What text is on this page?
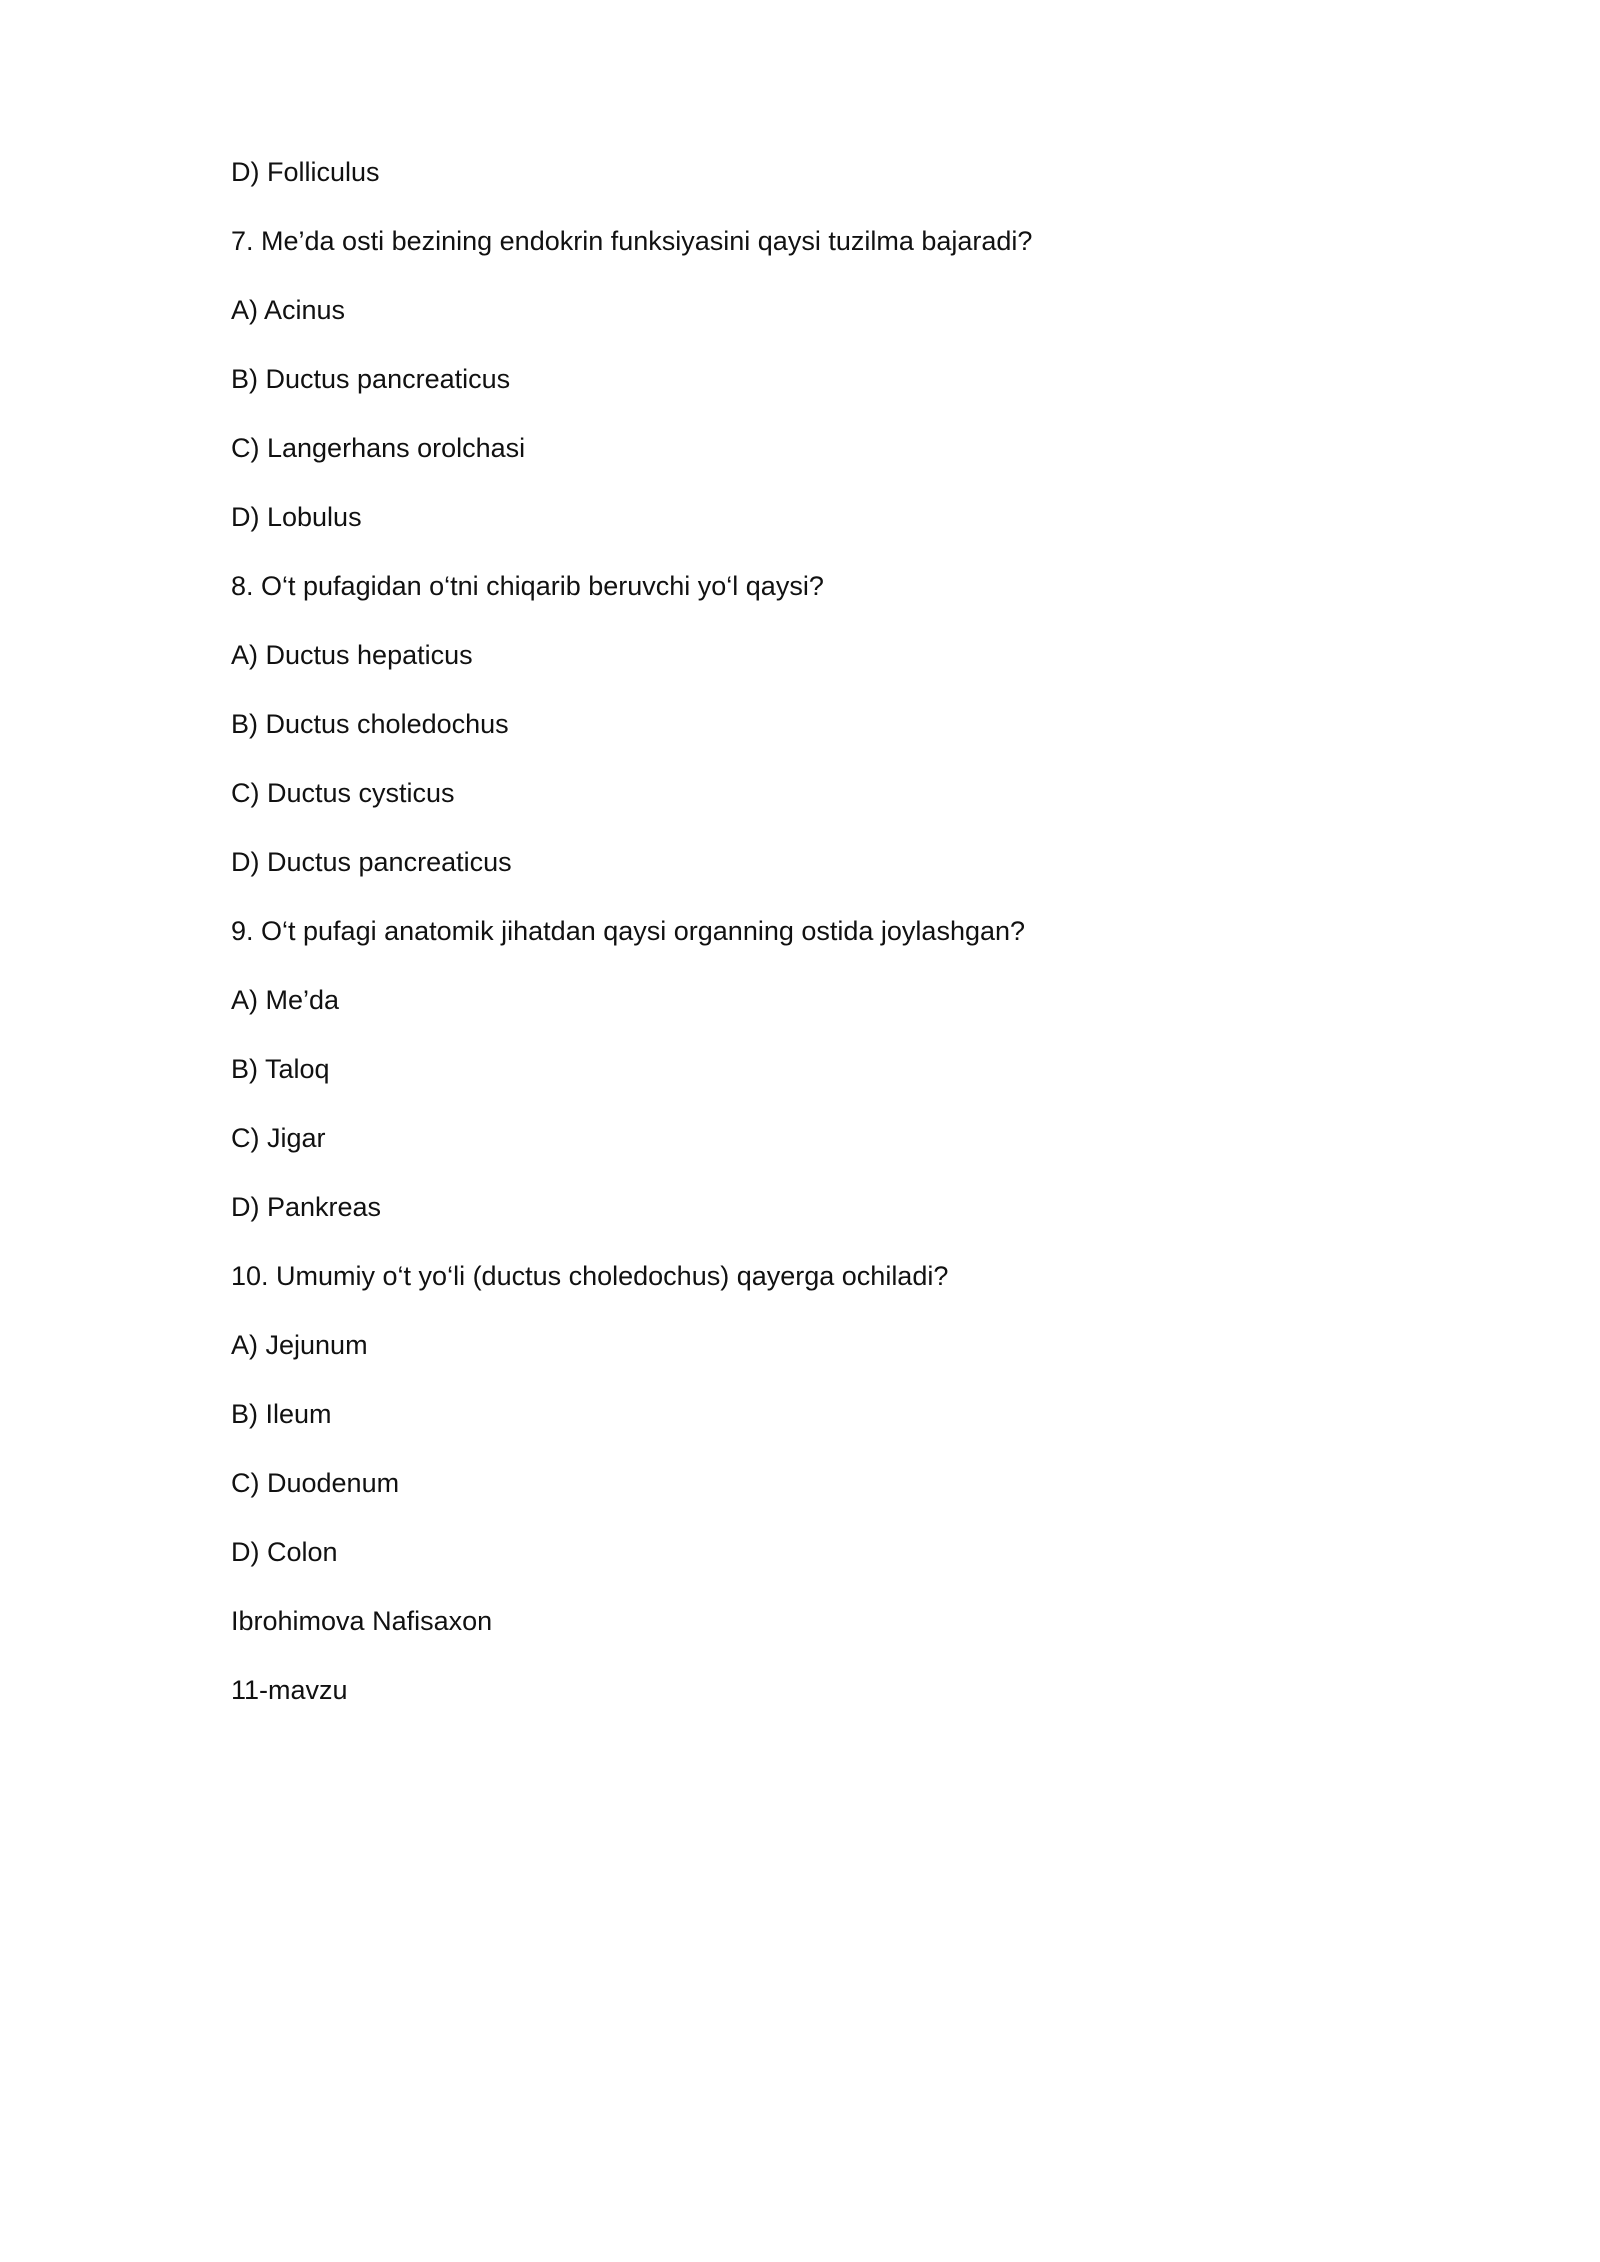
D) Folliculus
7. Me’da osti bezining endokrin funksiyasini qaysi tuzilma bajaradi?
A) Acinus
B) Ductus pancreaticus
C) Langerhans orolchasi
D) Lobulus
8. O‘t pufagidan o‘tni chiqarib beruvchi yo‘l qaysi?
A) Ductus hepaticus
B) Ductus choledochus
C) Ductus cysticus
D) Ductus pancreaticus
9. O‘t pufagi anatomik jihatdan qaysi organning ostida joylashgan?
A) Me’da
B) Taloq
C) Jigar
D) Pankreas
10. Umumiy o‘t yo‘li (ductus choledochus) qayerga ochiladi?
A) Jejunum
B) Ileum
C) Duodenum
D) Colon
Ibrohimova Nafisaxon
11-mavzu
